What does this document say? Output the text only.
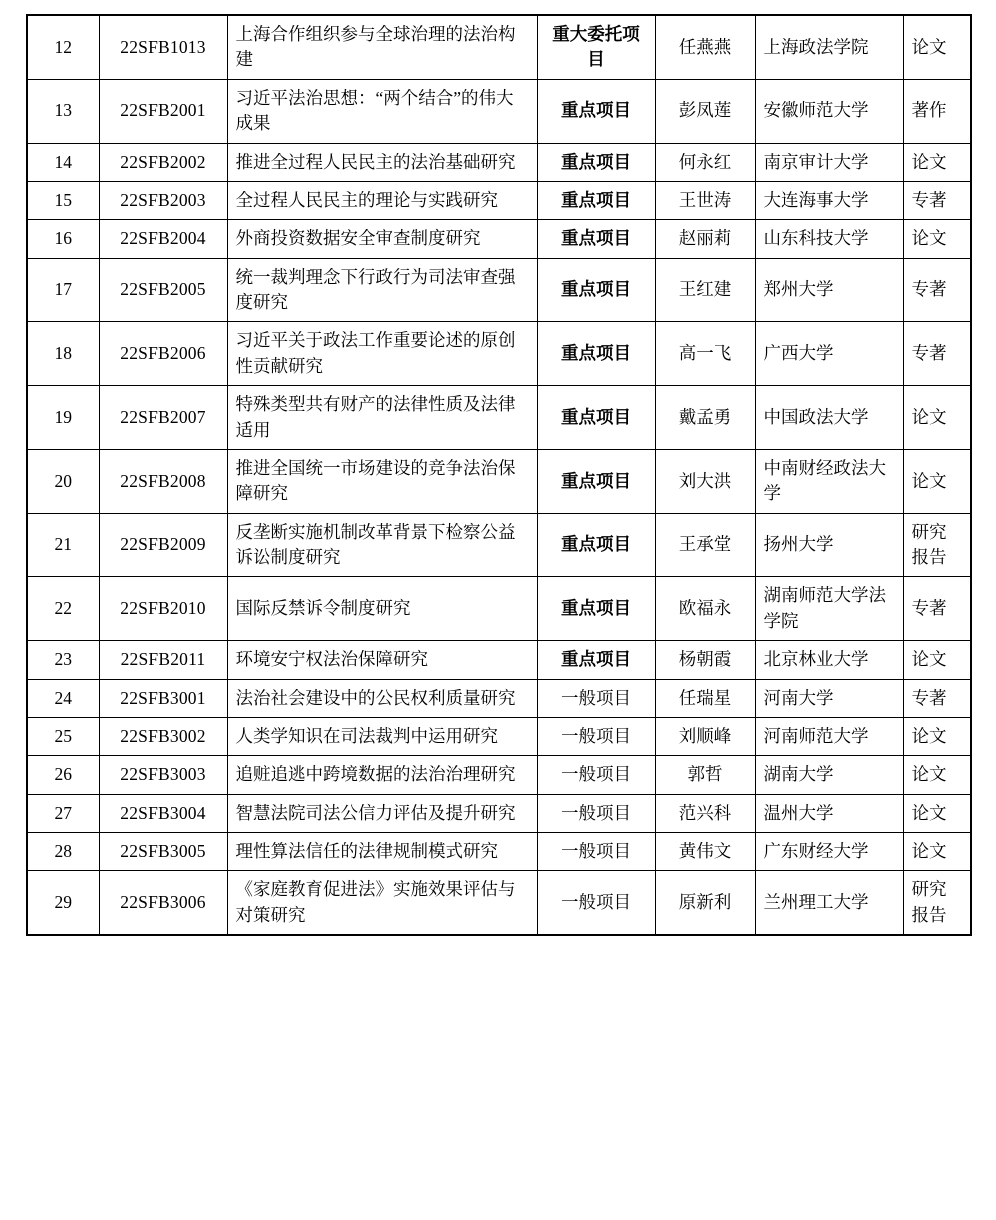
12	22SFB1013	上海合作组织参与全球治理的法治构建	重大委托项目	任燕燕	上海政法学院	论文
13	22SFB2001	习近平法治思想：“两个结合”的伟大成果	重点项目	彭凤莲	安徽师范大学	著作
14	22SFB2002	推进全过程人民民主的法治基础研究	重点项目	何永红	南京审计大学	论文
15	22SFB2003	全过程人民民主的理论与实践研究	重点项目	王世涛	大连海事大学	专著
16	22SFB2004	外商投资数据安全审查制度研究	重点项目	赵丽莉	山东科技大学	论文
17	22SFB2005	统一裁判理念下行政行为司法审查强度研究	重点项目	王红建	郑州大学	专著
18	22SFB2006	习近平关于政法工作重要论述的原创性贡献研究	重点项目	高一飞	广西大学	专著
19	22SFB2007	特殊类型共有财产的法律性质及法律适用	重点项目	戴孟勇	中国政法大学	论文
20	22SFB2008	推进全国统一市场建设的竞争法治保障研究	重点项目	刘大洪	中南财经政法大学	论文
21	22SFB2009	反垄断实施机制改革背景下检察公益诉讼制度研究	重点项目	王承堂	扬州大学	研究报告
22	22SFB2010	国际反禁诉令制度研究	重点项目	欧福永	湖南师范大学法学院	专著
23	22SFB2011	环境安宁权法治保障研究	重点项目	杨朝霞	北京林业大学	论文
24	22SFB3001	法治社会建设中的公民权利质量研究	一般项目	任瑞星	河南大学	专著
25	22SFB3002	人类学知识在司法裁判中运用研究	一般项目	刘顺峰	河南师范大学	论文
26	22SFB3003	追赃追逃中跨境数据的法治治理研究	一般项目	郭哲	湖南大学	论文
27	22SFB3004	智慧法院司法公信力评估及提升研究	一般项目	范兴科	温州大学	论文
28	22SFB3005	理性算法信任的法律规制模式研究	一般项目	黄伟文	广东财经大学	论文
29	22SFB3006	《家庭教育促进法》实施效果评估与对策研究	一般项目	原新利	兰州理工大学	研究报告
